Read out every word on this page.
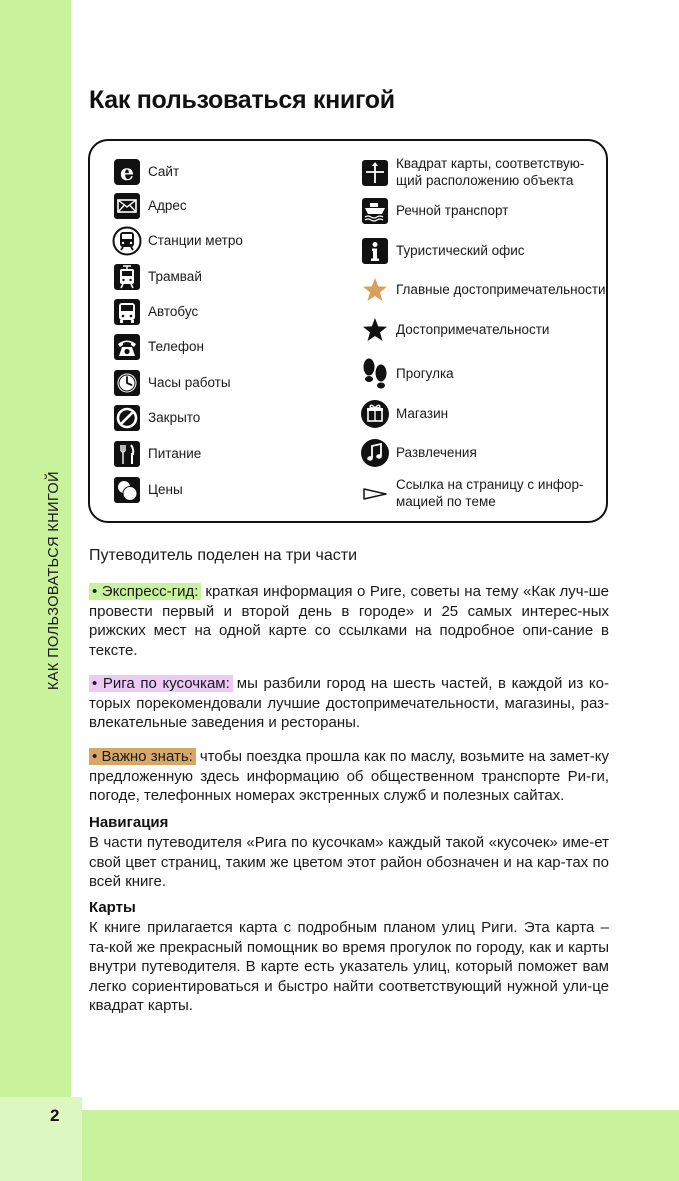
КАК ПОЛЬЗОВАТЬСЯ КНИГОЙ
2
Как пользоваться книгой
e Сайт
Адрес
Станции метро
Трамвай
Автобус
Телефон
Часы работы
Закрыто
Питание
Цены
Квадрат карты, соответствую-щий расположению объекта
Речной транспорт
Туристический офис
Главные достопримечательности
Достопримечательности
Прогулка
Магазин
Развлечения
Ссылка на страницу с инфор-мацией по теме

Путеводитель поделен на три части

• Экспресс-гид: краткая информация о Риге, советы на тему «Как луч-ше провести первый и второй день в городе» и 25 самых интерес-ных рижских мест на одной карте со ссылками на подробное опи-сание в тексте.

• Рига по кусочкам: мы разбили город на шесть частей, в каждой из ко-торых порекомендовали лучшие достопримечательности, магазины, раз-влекательные заведения и рестораны.

• Важно знать: чтобы поездка прошла как по маслу, возьмите на замет-ку предложенную здесь информацию об общественном транспорте Ри-ги, погоде, телефонных номерах экстренных служб и полезных сайтах.

Навигация

В части путеводителя «Рига по кусочкам» каждый такой «кусочек» име-ет свой цвет страниц, таким же цветом этот район обозначен и на кар-тах по всей книге.

Карты

К книге прилагается карта с подробным планом улиц Риги. Эта карта – та-кой же прекрасный помощник во время прогулок по городу, как и карты внутри путеводителя. В карте есть указатель улиц, который поможет вам легко сориентироваться и быстро найти соответствующий нужной ули-це квадрат карты.
